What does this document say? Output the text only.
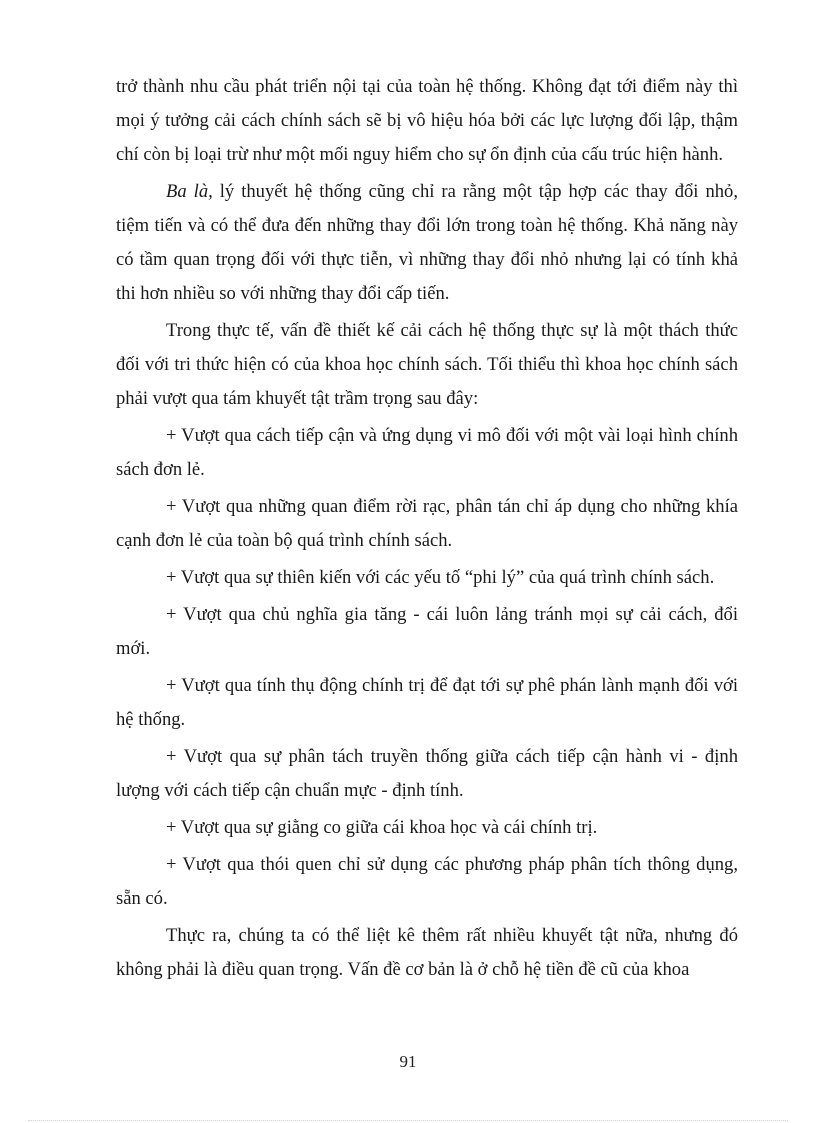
trở thành nhu cầu phát triển nội tại của toàn hệ thống. Không đạt tới điểm này thì mọi ý tưởng cải cách chính sách sẽ bị vô hiệu hóa bởi các lực lượng đối lập, thậm chí còn bị loại trừ như một mối nguy hiểm cho sự ổn định của cấu trúc hiện hành.

Ba là, lý thuyết hệ thống cũng chỉ ra rằng một tập hợp các thay đổi nhỏ, tiệm tiến và có thể đưa đến những thay đổi lớn trong toàn hệ thống. Khả năng này có tầm quan trọng đối với thực tiễn, vì những thay đổi nhỏ nhưng lại có tính khả thi hơn nhiều so với những thay đổi cấp tiến.

Trong thực tế, vấn đề thiết kế cải cách hệ thống thực sự là một thách thức đối với tri thức hiện có của khoa học chính sách. Tối thiểu thì khoa học chính sách phải vượt qua tám khuyết tật trầm trọng sau đây:

+ Vượt qua cách tiếp cận và ứng dụng vi mô đối với một vài loại hình chính sách đơn lẻ.

+ Vượt qua những quan điểm rời rạc, phân tán chỉ áp dụng cho những khía cạnh đơn lẻ của toàn bộ quá trình chính sách.

+ Vượt qua sự thiên kiến với các yếu tố “phi lý” của quá trình chính sách.

+ Vượt qua chủ nghĩa gia tăng - cái luôn lảng tránh mọi sự cải cách, đổi mới.

+ Vượt qua tính thụ động chính trị để đạt tới sự phê phán lành mạnh đối với hệ thống.

+ Vượt qua sự phân tách truyền thống giữa cách tiếp cận hành vi - định lượng với cách tiếp cận chuẩn mực - định tính.

+ Vượt qua sự giằng co giữa cái khoa học và cái chính trị.

+ Vượt qua thói quen chỉ sử dụng các phương pháp phân tích thông dụng, sẵn có.

Thực ra, chúng ta có thể liệt kê thêm rất nhiều khuyết tật nữa, nhưng đó không phải là điều quan trọng. Vấn đề cơ bản là ở chỗ hệ tiền đề cũ của khoa

91
